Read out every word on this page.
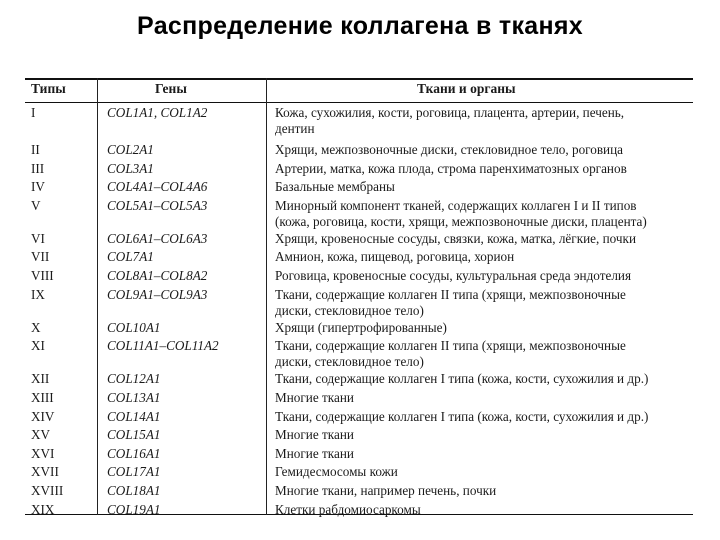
Распределение коллагена в тканях
Типы	Гены	Ткани и органы
I	COL1A1, COL1A2	Кожа, сухожилия, кости, роговица, плацента, артерии, печень,
дентин
II	COL2A1	Хрящи, межпозвоночные диски, стекловидное тело, роговица
III	COL3A1	Артерии, матка, кожа плода, строма паренхиматозных органов
IV	COL4A1–COL4A6	Базальные мембраны
V	COL5A1–COL5A3	Минорный компонент тканей, содержащих коллаген I и II типов
(кожа, роговица, кости, хрящи, межпозвоночные диски, плацента)
VI	COL6A1–COL6A3	Хрящи, кровеносные сосуды, связки, кожа, матка, лёгкие, почки
VII	COL7A1	Амнион, кожа, пищевод, роговица, хорион
VIII	COL8A1–COL8A2	Роговица, кровеносные сосуды, культуральная среда эндотелия
IX	COL9A1–COL9A3	Ткани, содержащие коллаген II типа (хрящи, межпозвоночные
диски, стекловидное тело)
X	COL10A1	Хрящи (гипертрофированные)
XI	COL11A1–COL11A2	Ткани, содержащие коллаген II типа (хрящи, межпозвоночные
диски, стекловидное тело)
XII	COL12A1	Ткани, содержащие коллаген I типа (кожа, кости, сухожилия и др.)
XIII	COL13A1	Многие ткани
XIV	COL14A1	Ткани, содержащие коллаген I типа (кожа, кости, сухожилия и др.)
XV	COL15A1	Многие ткани
XVI	COL16A1	Многие ткани
XVII	COL17A1	Гемидесмосомы кожи
XVIII	COL18A1	Многие ткани, например печень, почки
XIX	COL19A1	Клетки рабдомиосаркомы
